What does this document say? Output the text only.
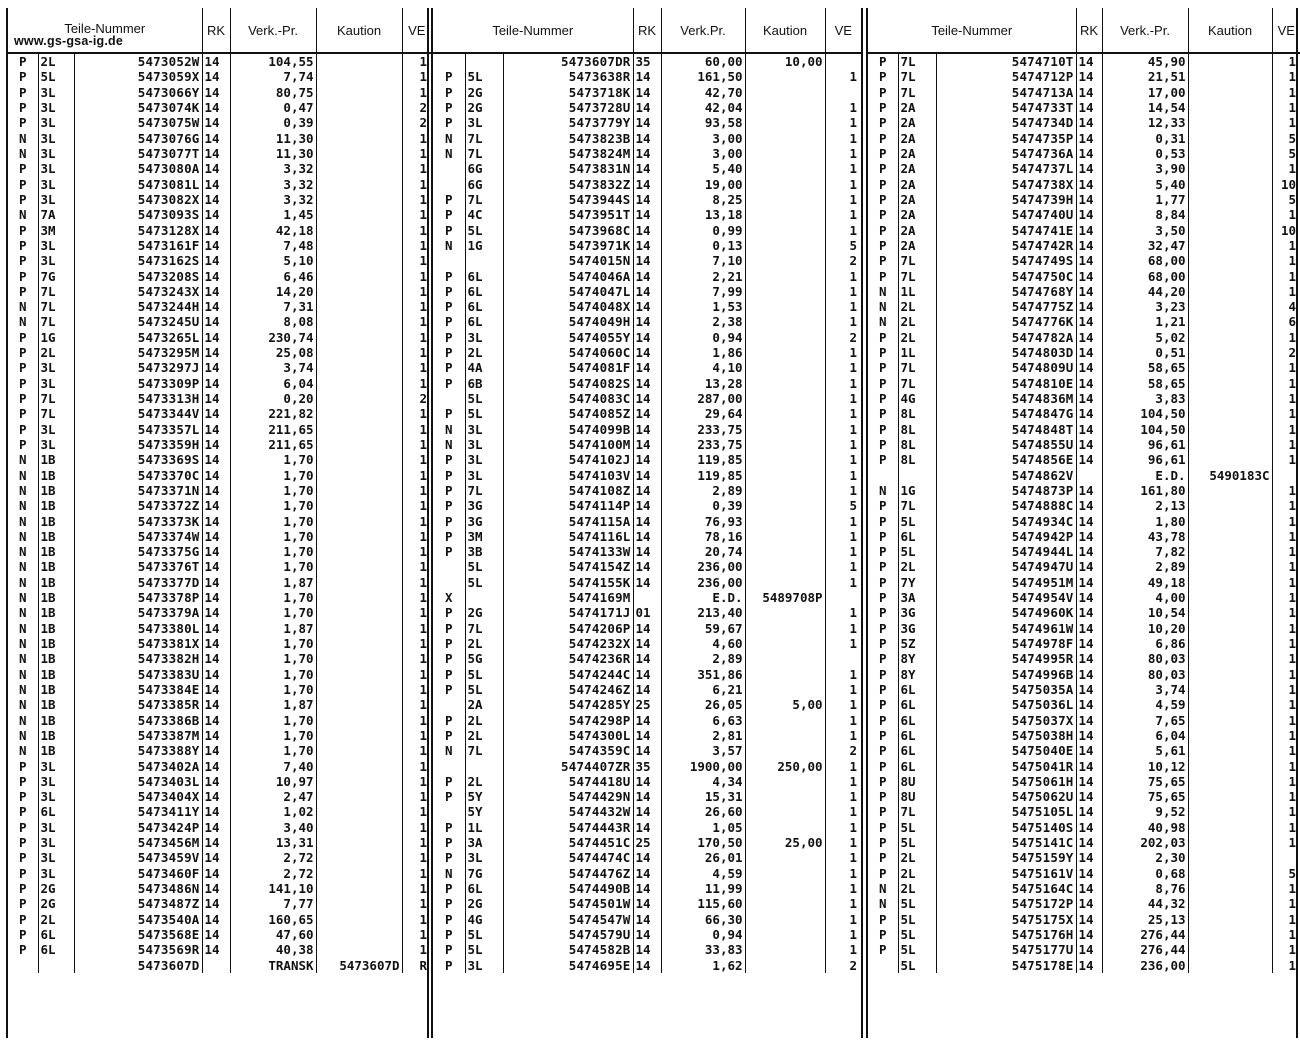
Teile-Nummer
www.gs-gsa-ig.de			RK	Verk.-Pr.	Kaution	VE
P	2L	5473052W	14	104,55		1
P	5L	5473059X	14	7,74		1
P	3L	5473066Y	14	80,75		1
P	3L	5473074K	14	0,47		2
P	3L	5473075W	14	0,39		2
N	3L	5473076G	14	11,30		1
N	3L	5473077T	14	11,30		1
P	3L	5473080A	14	3,32		1
P	3L	5473081L	14	3,32		1
P	3L	5473082X	14	3,32		1
N	7A	5473093S	14	1,45		1
P	3M	5473128X	14	42,18		1
P	3L	5473161F	14	7,48		1
P	3L	5473162S	14	5,10		1
P	7G	5473208S	14	6,46		1
P	7L	5473243X	14	14,20		1
N	7L	5473244H	14	7,31		1
N	7L	5473245U	14	8,08		1
P	1G	5473265L	14	230,74		1
P	2L	5473295M	14	25,08		1
P	3L	5473297J	14	3,74		1
P	3L	5473309P	14	6,04		1
P	7L	5473313H	14	0,20		2
P	7L	5473344V	14	221,82		1
P	3L	5473357L	14	211,65		1
P	3L	5473359H	14	211,65		1
N	1B	5473369S	14	1,70		1
N	1B	5473370C	14	1,70		1
N	1B	5473371N	14	1,70		1
N	1B	5473372Z	14	1,70		1
N	1B	5473373K	14	1,70		1
N	1B	5473374W	14	1,70		1
N	1B	5473375G	14	1,70		1
N	1B	5473376T	14	1,70		1
N	1B	5473377D	14	1,87		1
N	1B	5473378P	14	1,70		1
N	1B	5473379A	14	1,70		1
N	1B	5473380L	14	1,87		1
N	1B	5473381X	14	1,70		1
N	1B	5473382H	14	1,70		1
N	1B	5473383U	14	1,70		1
N	1B	5473384E	14	1,70		1
N	1B	5473385R	14	1,87		1
N	1B	5473386B	14	1,70		1
N	1B	5473387M	14	1,70		1
N	1B	5473388Y	14	1,70		1
P	3L	5473402A	14	7,40		1
P	3L	5473403L	14	10,97		1
P	3L	5473404X	14	2,47		1
P	6L	5473411Y	14	1,02		1
P	3L	5473424P	14	3,40		1
P	3L	5473456M	14	13,31		1
P	3L	5473459V	14	2,72		1
P	3L	5473460F	14	2,72		1
P	2G	5473486N	14	141,10		1
P	2G	5473487Z	14	7,77		1
P	2L	5473540A	14	160,65		1
P	6L	5473568E	14	47,60		1
P	6L	5473569R	14	40,38		1
		5473607D		TRANSK	5473607D	R
Teile-Nummer			RK	Verk.Pr.	Kaution	VE
		5473607DR	35	60,00	10,00	
P	5L	5473638R	14	161,50		1
P	2G	5473718K	14	42,70		
P	2G	5473728U	14	42,04		1
P	3L	5473779Y	14	93,58		1
N	7L	5473823B	14	3,00		1
N	7L	5473824M	14	3,00		1
	6G	5473831N	14	5,40		1
	6G	5473832Z	14	19,00		1
P	7L	5473944S	14	8,25		1
P	4C	5473951T	14	13,18		1
P	5L	5473968C	14	0,99		1
N	1G	5473971K	14	0,13		5
		5474015N	14	7,10		2
P	6L	5474046A	14	2,21		1
P	6L	5474047L	14	7,99		1
P	6L	5474048X	14	1,53		1
P	6L	5474049H	14	2,38		1
P	3L	5474055Y	14	0,94		2
P	2L	5474060C	14	1,86		1
P	4A	5474081F	14	4,10		1
P	6B	5474082S	14	13,28		1
	5L	5474083C	14	287,00		1
P	5L	5474085Z	14	29,64		1
N	3L	5474099B	14	233,75		1
N	3L	5474100M	14	233,75		1
P	3L	5474102J	14	119,85		1
P	3L	5474103V	14	119,85		1
P	7L	5474108Z	14	2,89		1
P	3G	5474114P	14	0,39		5
P	3G	5474115A	14	76,93		1
P	3M	5474116L	14	78,16		1
P	3B	5474133W	14	20,74		1
	5L	5474154Z	14	236,00		1
	5L	5474155K	14	236,00		1
X		5474169M		E.D.	5489708P	
P	2G	5474171J	01	213,40		1
P	7L	5474206P	14	59,67		1
P	2L	5474232X	14	4,60		1
P	5G	5474236R	14	2,89		
P	5L	5474244C	14	351,86		1
P	5L	5474246Z	14	6,21		1
	2A	5474285Y	25	26,05	5,00	1
P	2L	5474298P	14	6,63		1
P	2L	5474300L	14	2,81		1
N	7L	5474359C	14	3,57		2
		5474407ZR	35	1900,00	250,00	1
P	2L	5474418U	14	4,34		1
P	5Y	5474429N	14	15,31		1
	5Y	5474432W	14	26,60		1
P	1L	5474443R	14	1,05		1
P	3A	5474451C	25	170,50	25,00	1
P	3L	5474474C	14	26,01		1
N	7G	5474476Z	14	4,59		1
P	6L	5474490B	14	11,99		1
P	2G	5474501W	14	115,60		1
P	4G	5474547W	14	66,30		1
P	5L	5474579U	14	0,94		1
P	5L	5474582B	14	33,83		1
P	3L	5474695E	14	1,62		2
Teile-Nummer			RK	Verk.-Pr.	Kaution	VE
P	7L	5474710T	14	45,90		1
P	7L	5474712P	14	21,51		1
P	7L	5474713A	14	17,00		1
P	2A	5474733T	14	14,54		1
P	2A	5474734D	14	12,33		1
P	2A	5474735P	14	0,31		5
P	2A	5474736A	14	0,53		5
P	2A	5474737L	14	3,90		1
P	2A	5474738X	14	5,40		10
P	2A	5474739H	14	1,77		5
P	2A	5474740U	14	8,84		1
P	2A	5474741E	14	3,50		10
P	2A	5474742R	14	32,47		1
P	7L	5474749S	14	68,00		1
P	7L	5474750C	14	68,00		1
N	1L	5474768Y	14	44,20		1
N	2L	5474775Z	14	3,23		4
N	2L	5474776K	14	1,21		6
P	2L	5474782A	14	5,02		1
P	1L	5474803D	14	0,51		2
P	7L	5474809U	14	58,65		1
P	7L	5474810E	14	58,65		1
P	4G	5474836M	14	3,83		1
P	8L	5474847G	14	104,50		1
P	8L	5474848T	14	104,50		1
P	8L	5474855U	14	96,61		1
P	8L	5474856E	14	96,61		1
		5474862V		E.D.	5490183C	
N	1G	5474873P	14	161,80		1
P	7L	5474888C	14	2,13		1
P	5L	5474934C	14	1,80		1
P	6L	5474942P	14	43,78		1
P	5L	5474944L	14	7,82		1
P	2L	5474947U	14	2,89		1
P	7Y	5474951M	14	49,18		1
P	3A	5474954V	14	4,00		1
P	3G	5474960K	14	10,54		1
P	3G	5474961W	14	10,20		1
P	5Z	5474978F	14	6,86		1
P	8Y	5474995R	14	80,03		1
P	8Y	5474996B	14	80,03		1
P	6L	5475035A	14	3,74		1
P	6L	5475036L	14	4,59		1
P	6L	5475037X	14	7,65		1
P	6L	5475038H	14	6,04		1
P	6L	5475040E	14	5,61		1
P	6L	5475041R	14	10,12		1
P	8U	5475061H	14	75,65		1
P	8U	5475062U	14	75,65		1
P	7L	5475105L	14	9,52		1
P	5L	5475140S	14	40,98		1
P	5L	5475141C	14	202,03		1
P	2L	5475159Y	14	2,30		
P	2L	5475161V	14	0,68		5
N	2L	5475164C	14	8,76		1
N	5L	5475172P	14	44,32		1
P	5L	5475175X	14	25,13		1
P	5L	5475176H	14	276,44		1
P	5L	5475177U	14	276,44		1
	5L	5475178E	14	236,00		1
